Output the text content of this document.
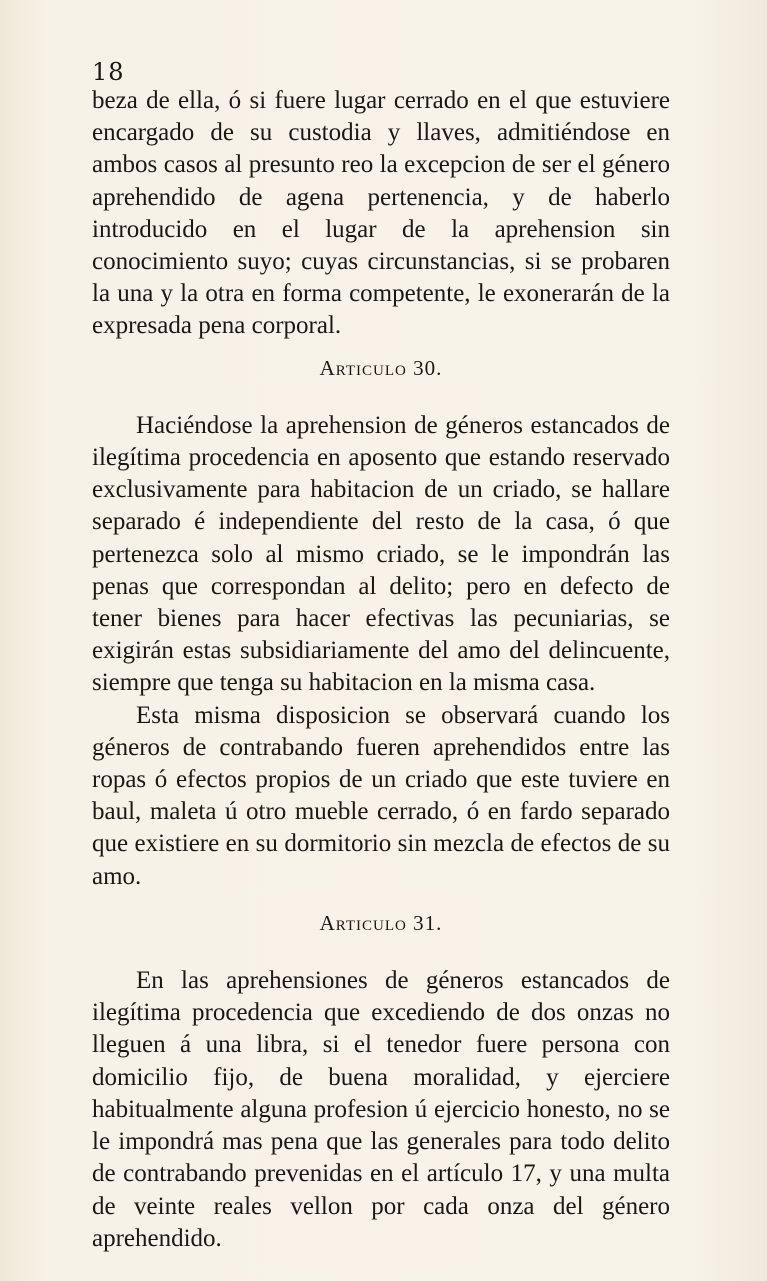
18

beza de ella, ó si fuere lugar cerrado en el que estuviere encargado de su custodia y llaves, admitiéndose en ambos casos al presunto reo la excepcion de ser el género aprehendido de agena pertenencia, y de haberlo introducido en el lugar de la aprehension sin conocimiento suyo; cuyas circunstancias, si se probaren la una y la otra en forma competente, le exonerarán de la expresada pena corporal.

Articulo 30.

Haciéndose la aprehension de géneros estancados de ilegítima procedencia en aposento que estando reservado exclusivamente para habitacion de un criado, se hallare separado é independiente del resto de la casa, ó que pertenezca solo al mismo criado, se le impondrán las penas que correspondan al delito; pero en defecto de tener bienes para hacer efectivas las pecuniarias, se exigirán estas subsidiariamente del amo del delincuente, siempre que tenga su habitacion en la misma casa.

Esta misma disposicion se observará cuando los géneros de contrabando fueren aprehendidos entre las ropas ó efectos propios de un criado que este tuviere en baul, maleta ú otro mueble cerrado, ó en fardo separado que existiere en su dormitorio sin mezcla de efectos de su amo.

Articulo 31.

En las aprehensiones de géneros estancados de ilegítima procedencia que excediendo de dos onzas no lleguen á una libra, si el tenedor fuere persona con domicilio fijo, de buena moralidad, y ejerciere habitualmente alguna profesion ú ejercicio honesto, no se le impondrá mas pena que las generales para todo delito de contrabando prevenidas en el artículo 17, y una multa de veinte reales vellon por cada onza del género aprehendido.
